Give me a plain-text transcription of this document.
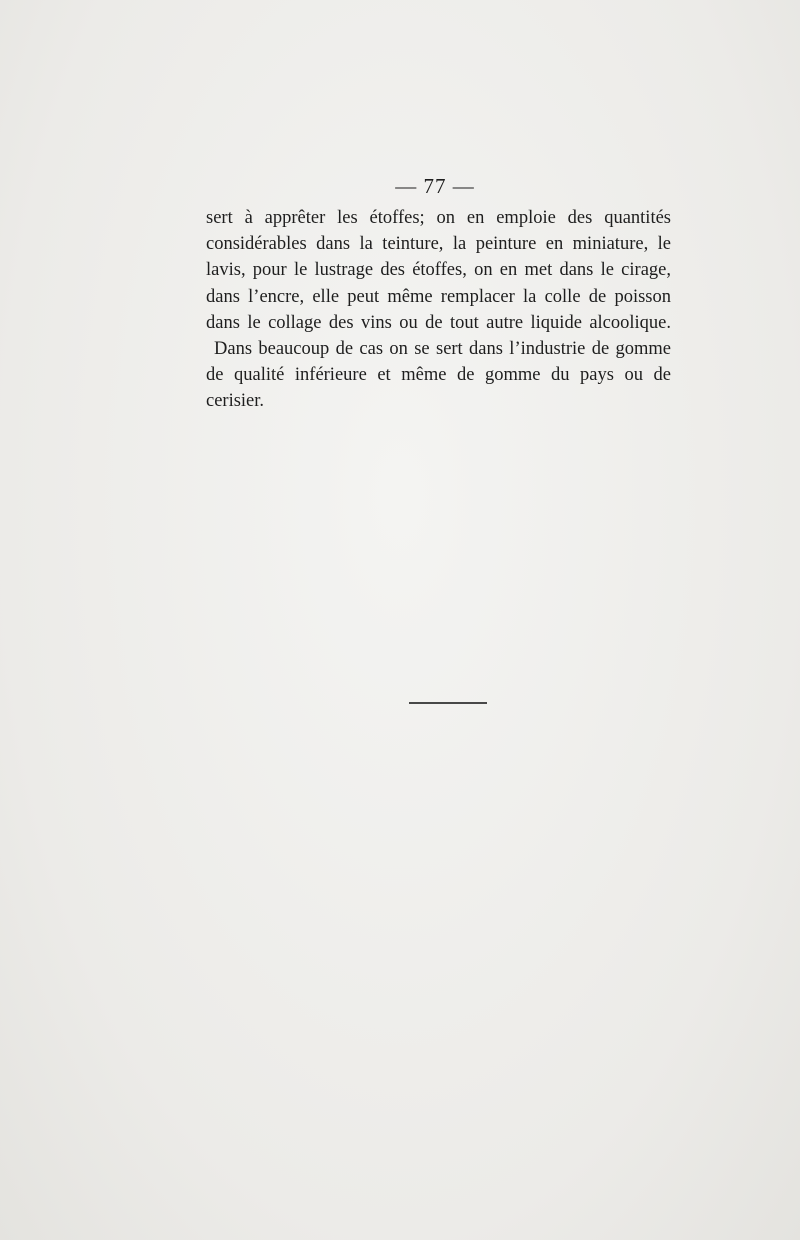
— 77 —
sert à apprêter les étoffes; on en emploie des quantités
considérables dans la teinture, la peinture en miniature, le
lavis, pour le lustrage des étoffes, on en met dans le cirage,
dans l’encre, elle peut même remplacer la colle de poisson
dans le collage des vins ou de tout autre liquide alcoolique.
Dans beaucoup de cas on se sert dans l’industrie de gomme
de qualité inférieure et même de gomme du pays ou de
cerisier.
